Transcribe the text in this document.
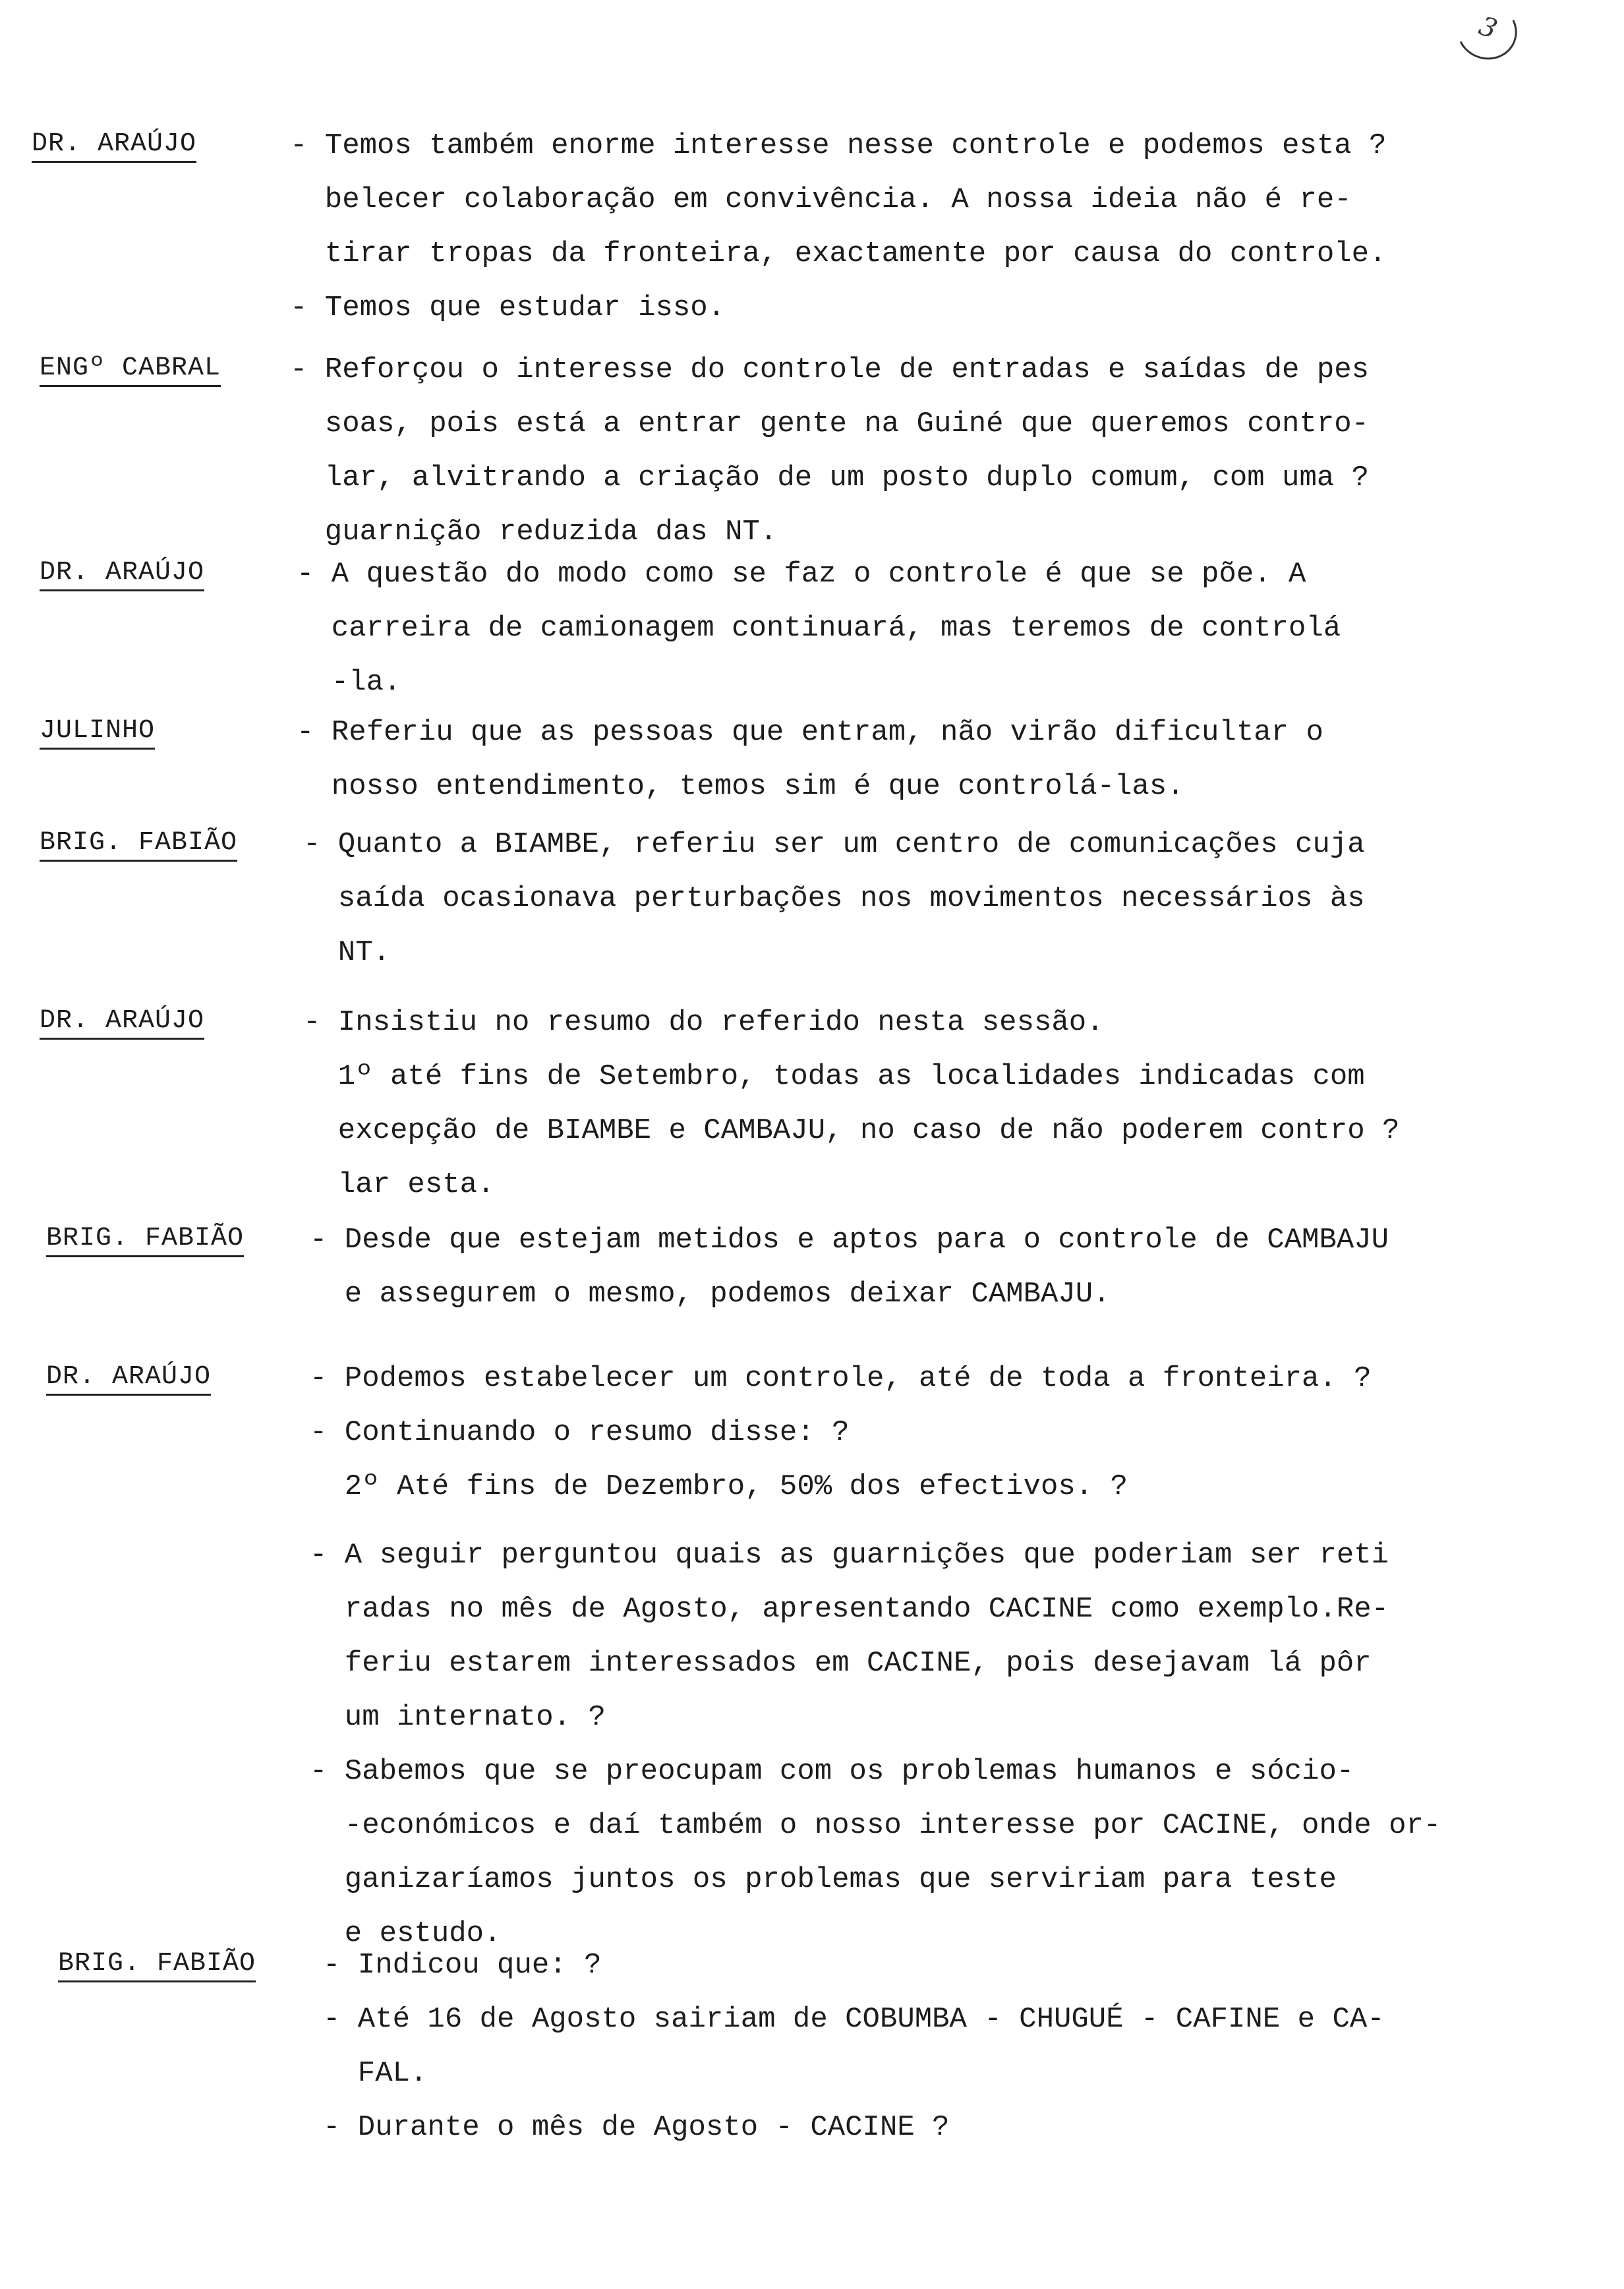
3
DR. ARAÚJO	- Temos também enorme interesse nesse controle e podemos esta ?
belecer colaboração em convivência. A nossa ideia não é re-
tirar tropas da fronteira, exactamente por causa do controle.
- Temos que estudar isso.
ENGº CABRAL - Reforçou o interesse do controle de entradas e saídas de pes
soas, pois está a entrar gente na Guiné que queremos contro-
lar, alvitrando a criação de um posto duplo comum, com uma ?
guarnição reduzida das NT.
DR. ARAÚJO	- A questão do modo como se faz o controle é que se põe. A
carreira de camionagem continuará, mas teremos de controlá
-la.
JULINHO	- Referiu que as pessoas que entram, não virão dificultar o
nosso entendimento, temos sim é que controlá-las.
BRIG. FABIÃO - Quanto a BIAMBE, referiu ser um centro de comunicações cuja
saída ocasionava perturbações nos movimentos necessários às
NT.
DR. ARAÚJO	- Insistiu no resumo do referido nesta sessão.
1º até fins de Setembro, todas as localidades indicadas com
excepção de BIAMBE e CAMBAJU, no caso de não poderem contro ?
lar esta.
BRIG. FABIÃO - Desde que estejam metidos e aptos para o controle de CAMBAJU
e assegurem o mesmo, podemos deixar CAMBAJU.
DR. ARAÚJO	- Podemos estabelecer um controle, até de toda a fronteira. ?
- Continuando o resumo disse: ?
2º Até fins de Dezembro, 50% dos efectivos. ?
- A seguir perguntou quais as guarnições que poderiam ser reti
radas no mês de Agosto, apresentando CACINE como exemplo.Re-
feriu estarem interessados em CACINE, pois desejavam lá pôr
um internato. ?
- Sabemos que se preocupam com os problemas humanos e sócio-
-económicos e daí também o nosso interesse por CACINE, onde or-
ganizaríamos juntos os problemas que serviriam para teste
e estudo.
BRIG. FABIÃO - Indicou que: ?
- Até 16 de Agosto sairiam de COBUMBA - CHUGUÉ - CAFINE e CA-
FAL.
- Durante o mês de Agosto - CACINE ?
